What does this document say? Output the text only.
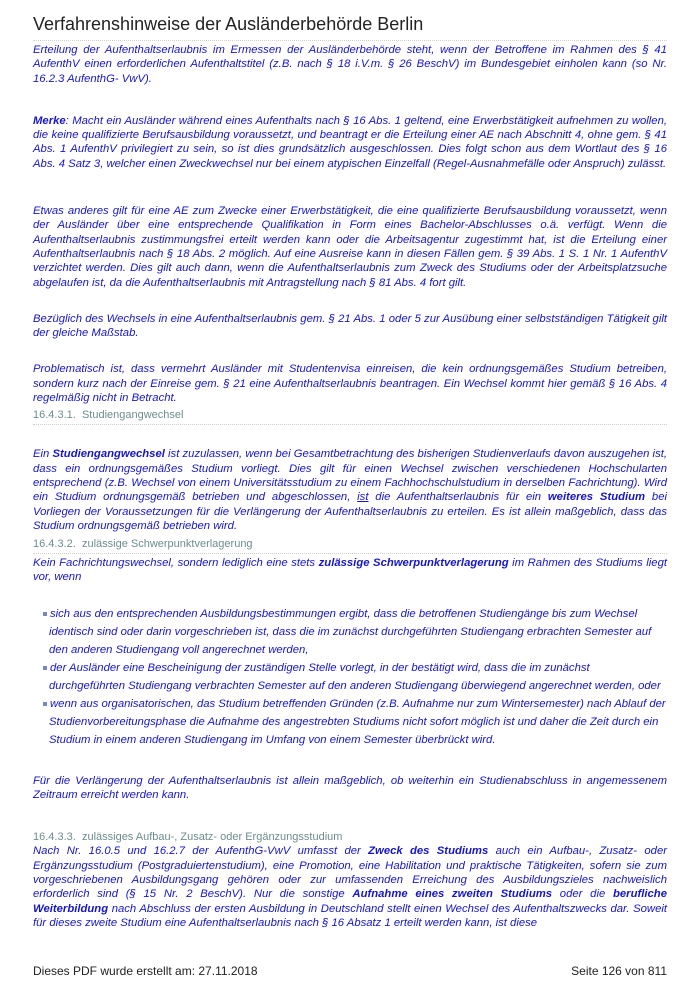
Verfahrenshinweise der Ausländerbehörde Berlin

Erteilung der Aufenthaltserlaubnis im Ermessen der Ausländerbehörde steht, wenn der Betroffene im Rahmen des § 41 AufenthV einen erforderlichen Aufenthaltstitel (z.B. nach § 18 i.V.m. § 26 BeschV) im Bundesgebiet einholen kann (so Nr. 16.2.3 AufenthG- VwV).

Merke: Macht ein Ausländer während eines Aufenthalts nach § 16 Abs. 1 geltend, eine Erwerbstätigkeit aufnehmen zu wollen, die keine qualifizierte Berufsausbildung voraussetzt, und beantragt er die Erteilung einer AE nach Abschnitt 4, ohne gem. § 41 Abs. 1 AufenthV privilegiert zu sein, so ist dies grundsätzlich ausgeschlossen. Dies folgt schon aus dem Wortlaut des § 16 Abs. 4 Satz 3, welcher einen Zweckwechsel nur bei einem atypischen Einzelfall (Regel-Ausnahmefälle oder Anspruch) zulässt.

Etwas anderes gilt für eine AE zum Zwecke einer Erwerbstätigkeit, die eine qualifizierte Berufsausbildung voraussetzt, wenn der Ausländer über eine entsprechende Qualifikation in Form eines Bachelor-Abschlusses o.ä. verfügt. Wenn die Aufenthaltserlaubnis zustimmungsfrei erteilt werden kann oder die Arbeitsagentur zugestimmt hat, ist die Erteilung einer Aufenthaltserlaubnis nach § 18 Abs. 2 möglich. Auf eine Ausreise kann in diesen Fällen gem. § 39 Abs. 1 S. 1 Nr. 1 AufenthV verzichtet werden. Dies gilt auch dann, wenn die Aufenthaltserlaubnis zum Zweck des Studiums oder der Arbeitsplatzsuche abgelaufen ist, da die Aufenthaltserlaubnis mit Antragstellung nach § 81 Abs. 4 fort gilt.

Bezüglich des Wechsels in eine Aufenthaltserlaubnis gem. § 21 Abs. 1 oder 5 zur Ausübung einer selbstständigen Tätigkeit gilt der gleiche Maßstab.

Problematisch ist, dass vermehrt Ausländer mit Studentenvisa einreisen, die kein ordnungsgemäßes Studium betreiben, sondern kurz nach der Einreise gem. § 21 eine Aufenthaltserlaubnis beantragen. Ein Wechsel kommt hier gemäß § 16 Abs. 4 regelmäßig nicht in Betracht.

16.4.3.1. Studiengangwechsel

Ein Studiengangwechsel ist zuzulassen, wenn bei Gesamtbetrachtung des bisherigen Studienverlaufs davon auszugehen ist, dass ein ordnungsgemäßes Studium vorliegt. Dies gilt für einen Wechsel zwischen verschiedenen Hochschularten entsprechend (z.B. Wechsel von einem Universitätsstudium zu einem Fachhochschulstudium in derselben Fachrichtung). Wird ein Studium ordnungsgemäß betrieben und abgeschlossen, ist die Aufenthaltserlaubnis für ein weiteres Studium bei Vorliegen der Voraussetzungen für die Verlängerung der Aufenthaltserlaubnis zu erteilen. Es ist allein maßgeblich, dass das Studium ordnungsgemäß betrieben wird.

16.4.3.2. zulässige Schwerpunktverlagerung

Kein Fachrichtungswechsel, sondern lediglich eine stets zulässige Schwerpunktverlagerung im Rahmen des Studiums liegt vor, wenn

sich aus den entsprechenden Ausbildungsbestimmungen ergibt, dass die betroffenen Studiengänge bis zum Wechsel identisch sind oder darin vorgeschrieben ist, dass die im zunächst durchgeführten Studiengang erbrachten Semester auf den anderen Studiengang voll angerechnet werden,
der Ausländer eine Bescheinigung der zuständigen Stelle vorlegt, in der bestätigt wird, dass die im zunächst durchgeführten Studiengang verbrachten Semester auf den anderen Studiengang überwiegend angerechnet werden, oder
wenn aus organisatorischen, das Studium betreffenden Gründen (z.B. Aufnahme nur zum Wintersemester) nach Ablauf der Studienvorbereitungsphase die Aufnahme des angestrebten Studiums nicht sofort möglich ist und daher die Zeit durch ein Studium in einem anderen Studiengang im Umfang von einem Semester überbrückt wird.

Für die Verlängerung der Aufenthaltserlaubnis ist allein maßgeblich, ob weiterhin ein Studienabschluss in angemessenem Zeitraum erreicht werden kann.

16.4.3.3. zulässiges Aufbau-, Zusatz- oder Ergänzungsstudium

Nach Nr. 16.0.5 und 16.2.7 der AufenthG-VwV umfasst der Zweck des Studiums auch ein Aufbau-, Zusatz- oder Ergänzungsstudium (Postgraduiertenstudium), eine Promotion, eine Habilitation und praktische Tätigkeiten, sofern sie zum vorgeschriebenen Ausbildungsgang gehören oder zur umfassenden Erreichung des Ausbildungszieles nachweislich erforderlich sind (§ 15 Nr. 2 BeschV). Nur die sonstige Aufnahme eines zweiten Studiums oder die berufliche Weiterbildung nach Abschluss der ersten Ausbildung in Deutschland stellt einen Wechsel des Aufenthaltszwecks dar. Soweit für dieses zweite Studium eine Aufenthaltserlaubnis nach § 16 Absatz 1 erteilt werden kann, ist diese

Dieses PDF wurde erstellt am: 27.11.2018	Seite 126 von 811
